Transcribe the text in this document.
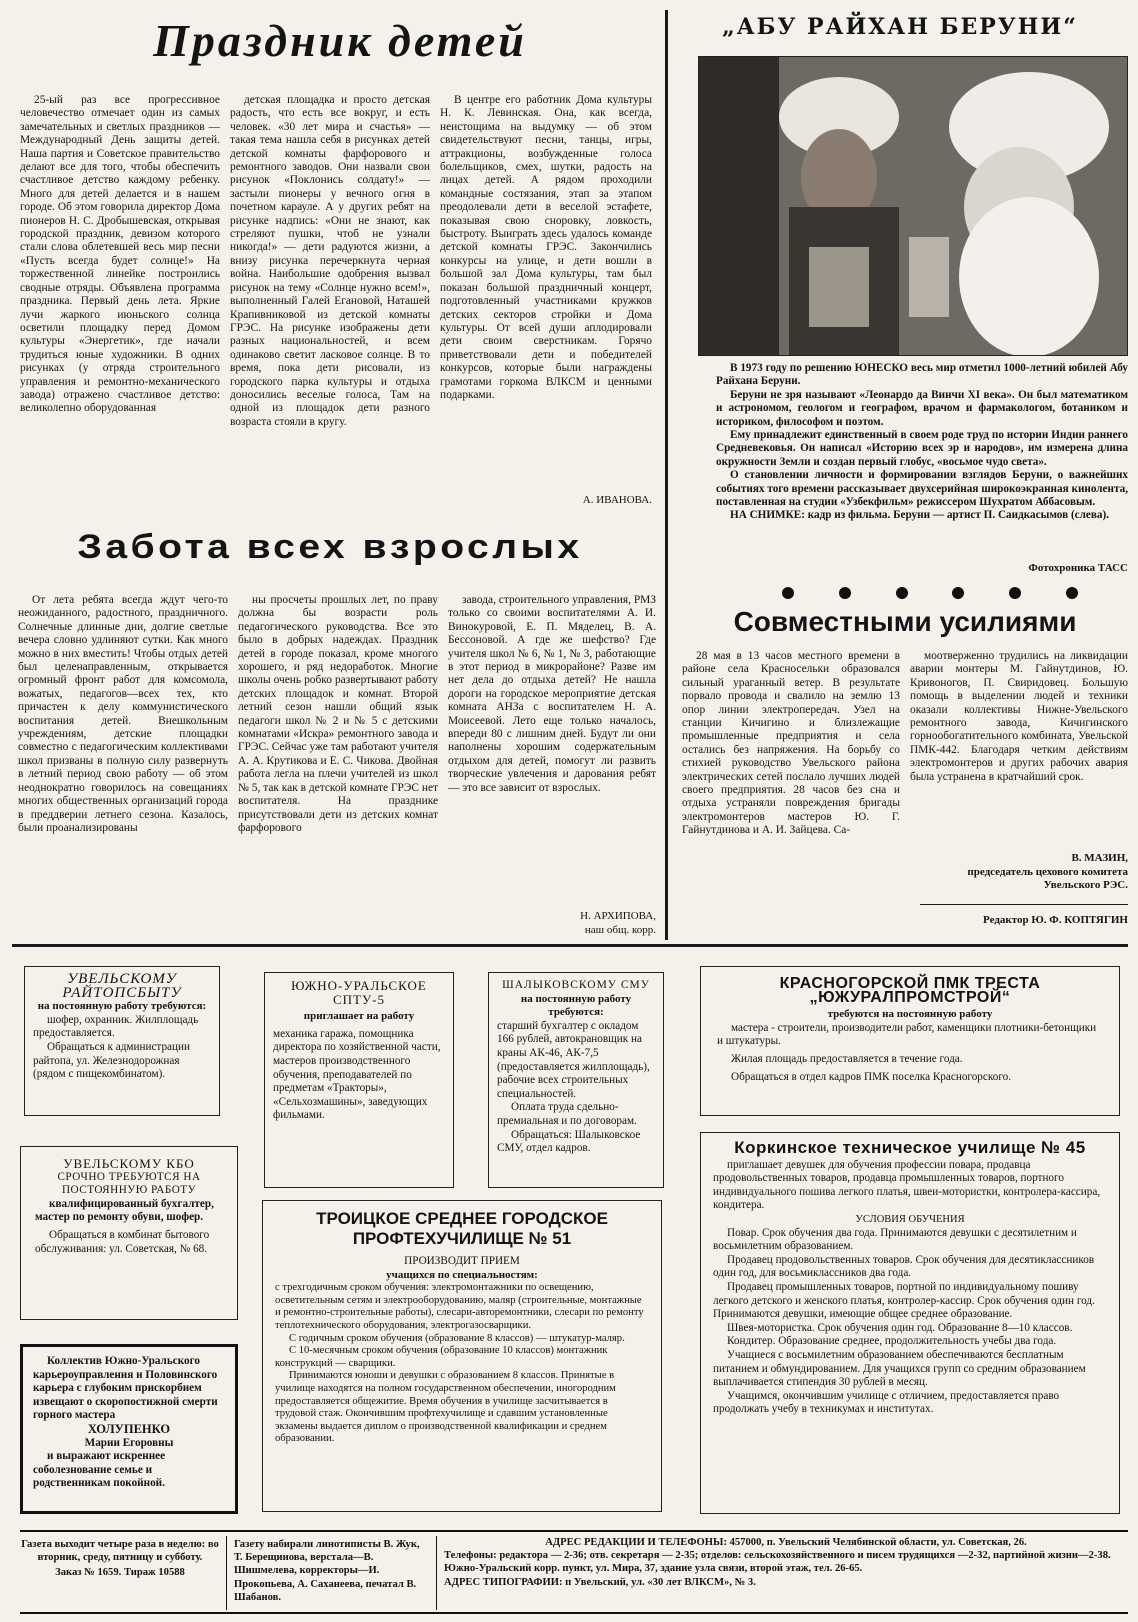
Праздник детей
25-ый раз все прогрессивное человечество отмечает один из самых замечательных и светлых праздников — Международный День защиты детей. Наша партия и Советское правительство делают все для того, чтобы обеспечить счастливое детство каждому ребенку. Много для детей делается и в нашем городе. Об этом говорила директор Дома пионеров Н. С. Дробышевская, открывая городской праздник, девизом которого стали слова облетевшей весь мир песни «Пусть всегда будет солнце!» На торжественной линейке построились сводные отряды. Объявлена программа праздника. Первый день лета. Яркие лучи жаркого июньского солнца осветили площадку перед Домом культуры «Энергетик», где начали трудиться юные художники. В одних рисунках (у отряда строительного управления и ремонтно-механического завода) отражено счастливое детство: великолепно оборудованная
детская площадка и просто детская радость, что есть все вокруг, и есть человек. «30 лет мира и счастья» — такая тема нашла себя в рисунках детей детской комнаты фарфорового и ремонтного заводов. Они назвали свои рисунок «Поклонись солдату!» — застыли пионеры у вечного огня в почетном карауле. А у других ребят на рисунке надпись: «Они не знают, как стреляют пушки, чтоб не узнали никогда!» — дети радуются жизни, а внизу рисунка перечеркнута черная война. Наибольшие одобрения вызвал рисунок на тему «Солнце нужно всем!», выполненный Галей Егановой, Наташей Крапивниковой из детской комнаты ГРЭС. На рисунке изображены дети разных национальностей, и всем одинаково светит ласковое солнце. В то время, пока дети рисовали, из городского парка культуры и отдыха доносились веселые голоса, Там на одной из площадок дети разного возраста стояли в кругу.
В центре его работник Дома культуры Н. К. Левинская. Она, как всегда, неистощима на выдумку — об этом свидетельствуют песни, танцы, игры, аттракционы, возбужденные голоса болельщиков, смех, шутки, радость на лицах детей. А рядом проходили командные состязания, этап за этапом преодолевали дети в веселой эстафете, показывая свою сноровку, ловкость, быстроту. Выиграть здесь удалось команде детской комнаты ГРЭС. Закончились конкурсы на улице, и дети вошли в большой зал Дома культуры, там был показан большой праздничный концерт, подготовленный участниками кружков детских секторов стройки и Дома культуры. От всей души аплодировали дети своим сверстникам. Горячо приветствовали дети и победителей конкурсов, которые были награждены грамотами горкома ВЛКСМ и ценными подарками.
А. ИВАНОВА.
Забота всех взрослых
От лета ребята всегда ждут чего-то неожиданного, радостного, праздничного. Солнечные длинные дни, долгие светлые вечера словно удлиняют сутки. Как много можно в них вместить! Чтобы отдых детей был целенаправленным, открывается огромный фронт работ для комсомола, вожатых, педагогов—всех тех, кто причастен к делу коммунистического воспитания детей. Внешкольным учреждениям, детские площадки совместно с педагогическим коллективами школ призваны в полную силу развернуть в летний период свою работу — об этом неоднократно говорилось на совещаниях многих общественных организаций города в преддверии летнего сезона. Казалось, были проанализированы
ны просчеты прошлых лет, по праву должна бы возрасти роль педагогического руководства. Все это было в добрых надеждах. Праздник детей в городе показал, кроме многого хорошего, и ряд недоработок. Многие школы очень робко развертывают работу детских площадок и комнат. Второй летний сезон нашли общий язык педагоги школ № 2 и № 5 с детскими комнатами «Искра» ремонтного завода и ГРЭС. Сейчас уже там работают учителя А. А. Крутикова и Е. С. Чикова. Двойная работа легла на плечи учителей из школ № 5, так как в детской комнате ГРЭС нет воспитателя. На празднике присутствовали дети из детских комнат фарфорового
завода, строительного управления, РМЗ только со своими воспитателями А. И. Винокуровой, Е. П. Мяделец, В. А. Бессоновой. А где же шефство? Где учителя школ № 6, № 1, № 3, работающие в этот период в микрорайоне? Разве им нет дела до отдыха детей? Не нашла дороги на городское мероприятие детская комната АНЗа с воспитателем Н. А. Моисеевой. Лето еще только началось, впереди 80 с лишним дней. Будут ли они наполнены хорошим содержательным отдыхом для детей, помогут ли развить творческие увлечения и дарования ребят — это все зависит от взрослых.
Н. АРХИПОВА,
наш общ. корр.
„АБУ РАЙХАН БЕРУНИ“

В 1973 году по решению ЮНЕСКО весь мир отметил 1000-летний юбилей Абу Райхана Беруни.

Беруни не зря называют «Леонардо да Винчи XI века». Он был математиком и астрономом, геологом и географом, врачом и фармакологом, ботаником и историком, философом и поэтом.

Ему принадлежит единственный в своем роде труд по истории Индии раннего Средневековья. Он написал «Историю всех эр и народов», им измерена длина окружности Земли и создан первый глобус, «восьмое чудо света».

О становлении личности и формировании взглядов Беруни, о важнейших событиях того времени рассказывает двухсерийная широкоэкранная кинолента, поставленная на студии «Узбекфильм» режиссером Шухратом Аббасовым.

НА СНИМКЕ: кадр из фильма. Беруни — артист П. Саидкасымов (слева).

Фотохроника ТАСС
Совместными усилиями
28 мая в 13 часов местного времени в районе села Красносельки образовался сильный ураганный ветер. В результате порвало провода и свалило на землю 13 опор линии электропередач. Узел на станции Кичигино и близлежащие промышленные предприятия и села остались без напряжения. На борьбу со стихией руководство Увельского района электрических сетей послало лучших людей своего предприятия. 28 часов без сна и отдыха устраняли повреждения бригады электромонтеров мастеров Ю. Г. Гайнутдинова и А. И. Зайцева. Са-
моотверженно трудились на ликвидации аварии монтеры М. Гайнутдинов, Ю. Кривоногов, П. Свиридовец. Большую помощь в выделении людей и техники оказали коллективы Нижне-Увельского ремонтного завода, Кичигинского горнообогатительного комбината, Увельской ПМК-442. Благодаря четким действиям электромонтеров и других рабочих авария была устранена в кратчайший срок.
В. МАЗИН,
председатель цехового комитета Увельского РЭС.
Редактор Ю. Ф. КОПТЯГИН

УВЕЛЬСКОМУ РАЙТОПСБЫТУ

на постоянную работу требуются:

шофер, охранник. Жилплощадь предоставляется.

Обращаться к администрации райтопа, ул. Железнодорожная (рядом с пищекомбинатом).

ЮЖНО-УРАЛЬСКОЕ СПТУ-5

приглашает на работу

механика гаража, помощника директора по хозяйственной части, мастеров производственного обучения, преподавателей по предметам «Тракторы», «Сельхозмашины», заведующих фильмами.

ШАЛЫКОВСКОМУ СМУ

на постоянную работу требуются:

старший бухгалтер с окладом 166 рублей, автокрановщик на краны АК-46, АК-7,5 (предоставляется жилплощадь), рабочие всех строительных специальностей.

Оплата труда сдельно-премиальная и по договорам.

Обращаться: Шалыковское СМУ, отдел кадров.

КРАСНОГОРСКОЙ ПМК ТРЕСТА

„ЮЖУРАЛПРОМСТРОЙ“

требуются на постоянную работу

мастера - строители, производители работ, каменщики плотники-бетонщики и штукатуры.

Жилая площадь предоставляется в течение года.

Обращаться в отдел кадров ПМК поселка Красногорского.

УВЕЛЬСКОМУ КБО

СРОЧНО ТРЕБУЮТСЯ НА ПОСТОЯННУЮ РАБОТУ

квалифицированный бухгалтер, мастер по ремонту обуви, шофер.

Обращаться в комбинат бытового обслуживания: ул. Советская, № 68.

Коллектив Южно-Уральского карьероуправления и Половинского карьера с глубоким прискорбием извещают о скоропостижной смерти горного мастера

ХОЛУПЕНКО

Марии Егоровны

и выражают искреннее соболезнование семье и родственникам покойной.

ТРОИЦКОЕ СРЕДНЕЕ ГОРОДСКОЕ ПРОФТЕХУЧИЛИЩЕ № 51

ПРОИЗВОДИТ ПРИЕМ

учащихся по специальностям:

с трехгодичным сроком обучения: электромонтажники по освещению, осветительным сетям и электрооборудованию, маляр (строительные, монтажные и ремонтно-строительные работы), слесари-авторемонтники, слесари по ремонту теплотехнического оборудования, электрогазосварщики.

С годичным сроком обучения (образование 8 классов) — штукатур-маляр.

С 10-месячным сроком обучения (образование 10 классов) монтажник конструкций — сварщики.

Принимаются юноши и девушки с образованием 8 классов. Принятые в училище находятся на полном государственном обеспечении, иногородним предоставляется общежитие. Время обучения в училище засчитывается в трудовой стаж. Окончившим профтехучилище и сдавшим установленные экзамены выдается диплом о производственной квалификации и среднем образовании.

Коркинское техническое училище № 45

приглашает девушек для обучения профессии повара, продавца продовольственных товаров, продавца промышленных товаров, портного индивидуального пошива легкого платья, швеи-мотористки, контролера-кассира, кондитера.

УСЛОВИЯ ОБУЧЕНИЯ

Повар. Срок обучения два года. Принимаются девушки с десятилетним и восьмилетним образованием.

Продавец продовольственных товаров. Срок обучения для десятиклассников один год, для восьмиклассников два года.

Продавец промышленных товаров, портной по индивидуальному пошиву легкого детского и женского платья, контролер-кассир. Срок обучения один год. Принимаются девушки, имеющие общее среднее образование.

Швея-мотористка. Срок обучения один год. Образование 8—10 классов.

Кондитер. Образование среднее, продолжительность учебы два года.

Учащиеся с восьмилетним образованием обеспечиваются бесплатным питанием и обмундированием. Для учащихся групп со средним образованием выплачивается стипендия 30 рублей в месяц.

Учащимся, окончившим училище с отличием, предоставляется право продолжать учебу в техникумах и институтах.

Газета выходит четыре раза в неделю: во вторник, среду, пятницу и субботу.

Заказ № 1659. Тираж 10588

Газету набирали линотиписты В. Жук, Т. Берещинова, верстала—В. Шишмелева, корректоры—И. Прокопьева, А. Саханеева, печатал В. Шабанов.

АДРЕС РЕДАКЦИИ И ТЕЛЕФОНЫ: 457000, п. Увельский Челябинской области, ул. Советская, 26.

Телефоны: редактора — 2-36; отв. секретаря — 2-35; отделов: сельскохозяйственного и писем трудящихся —2-32, партийной жизни—2-38. Южно-Уральский корр. пункт, ул. Мира, 37, здание узла связи, второй этаж, тел. 26-65.

АДРЕС ТИПОГРАФИИ: п Увельский, ул. «30 лет ВЛКСМ», № 3.
